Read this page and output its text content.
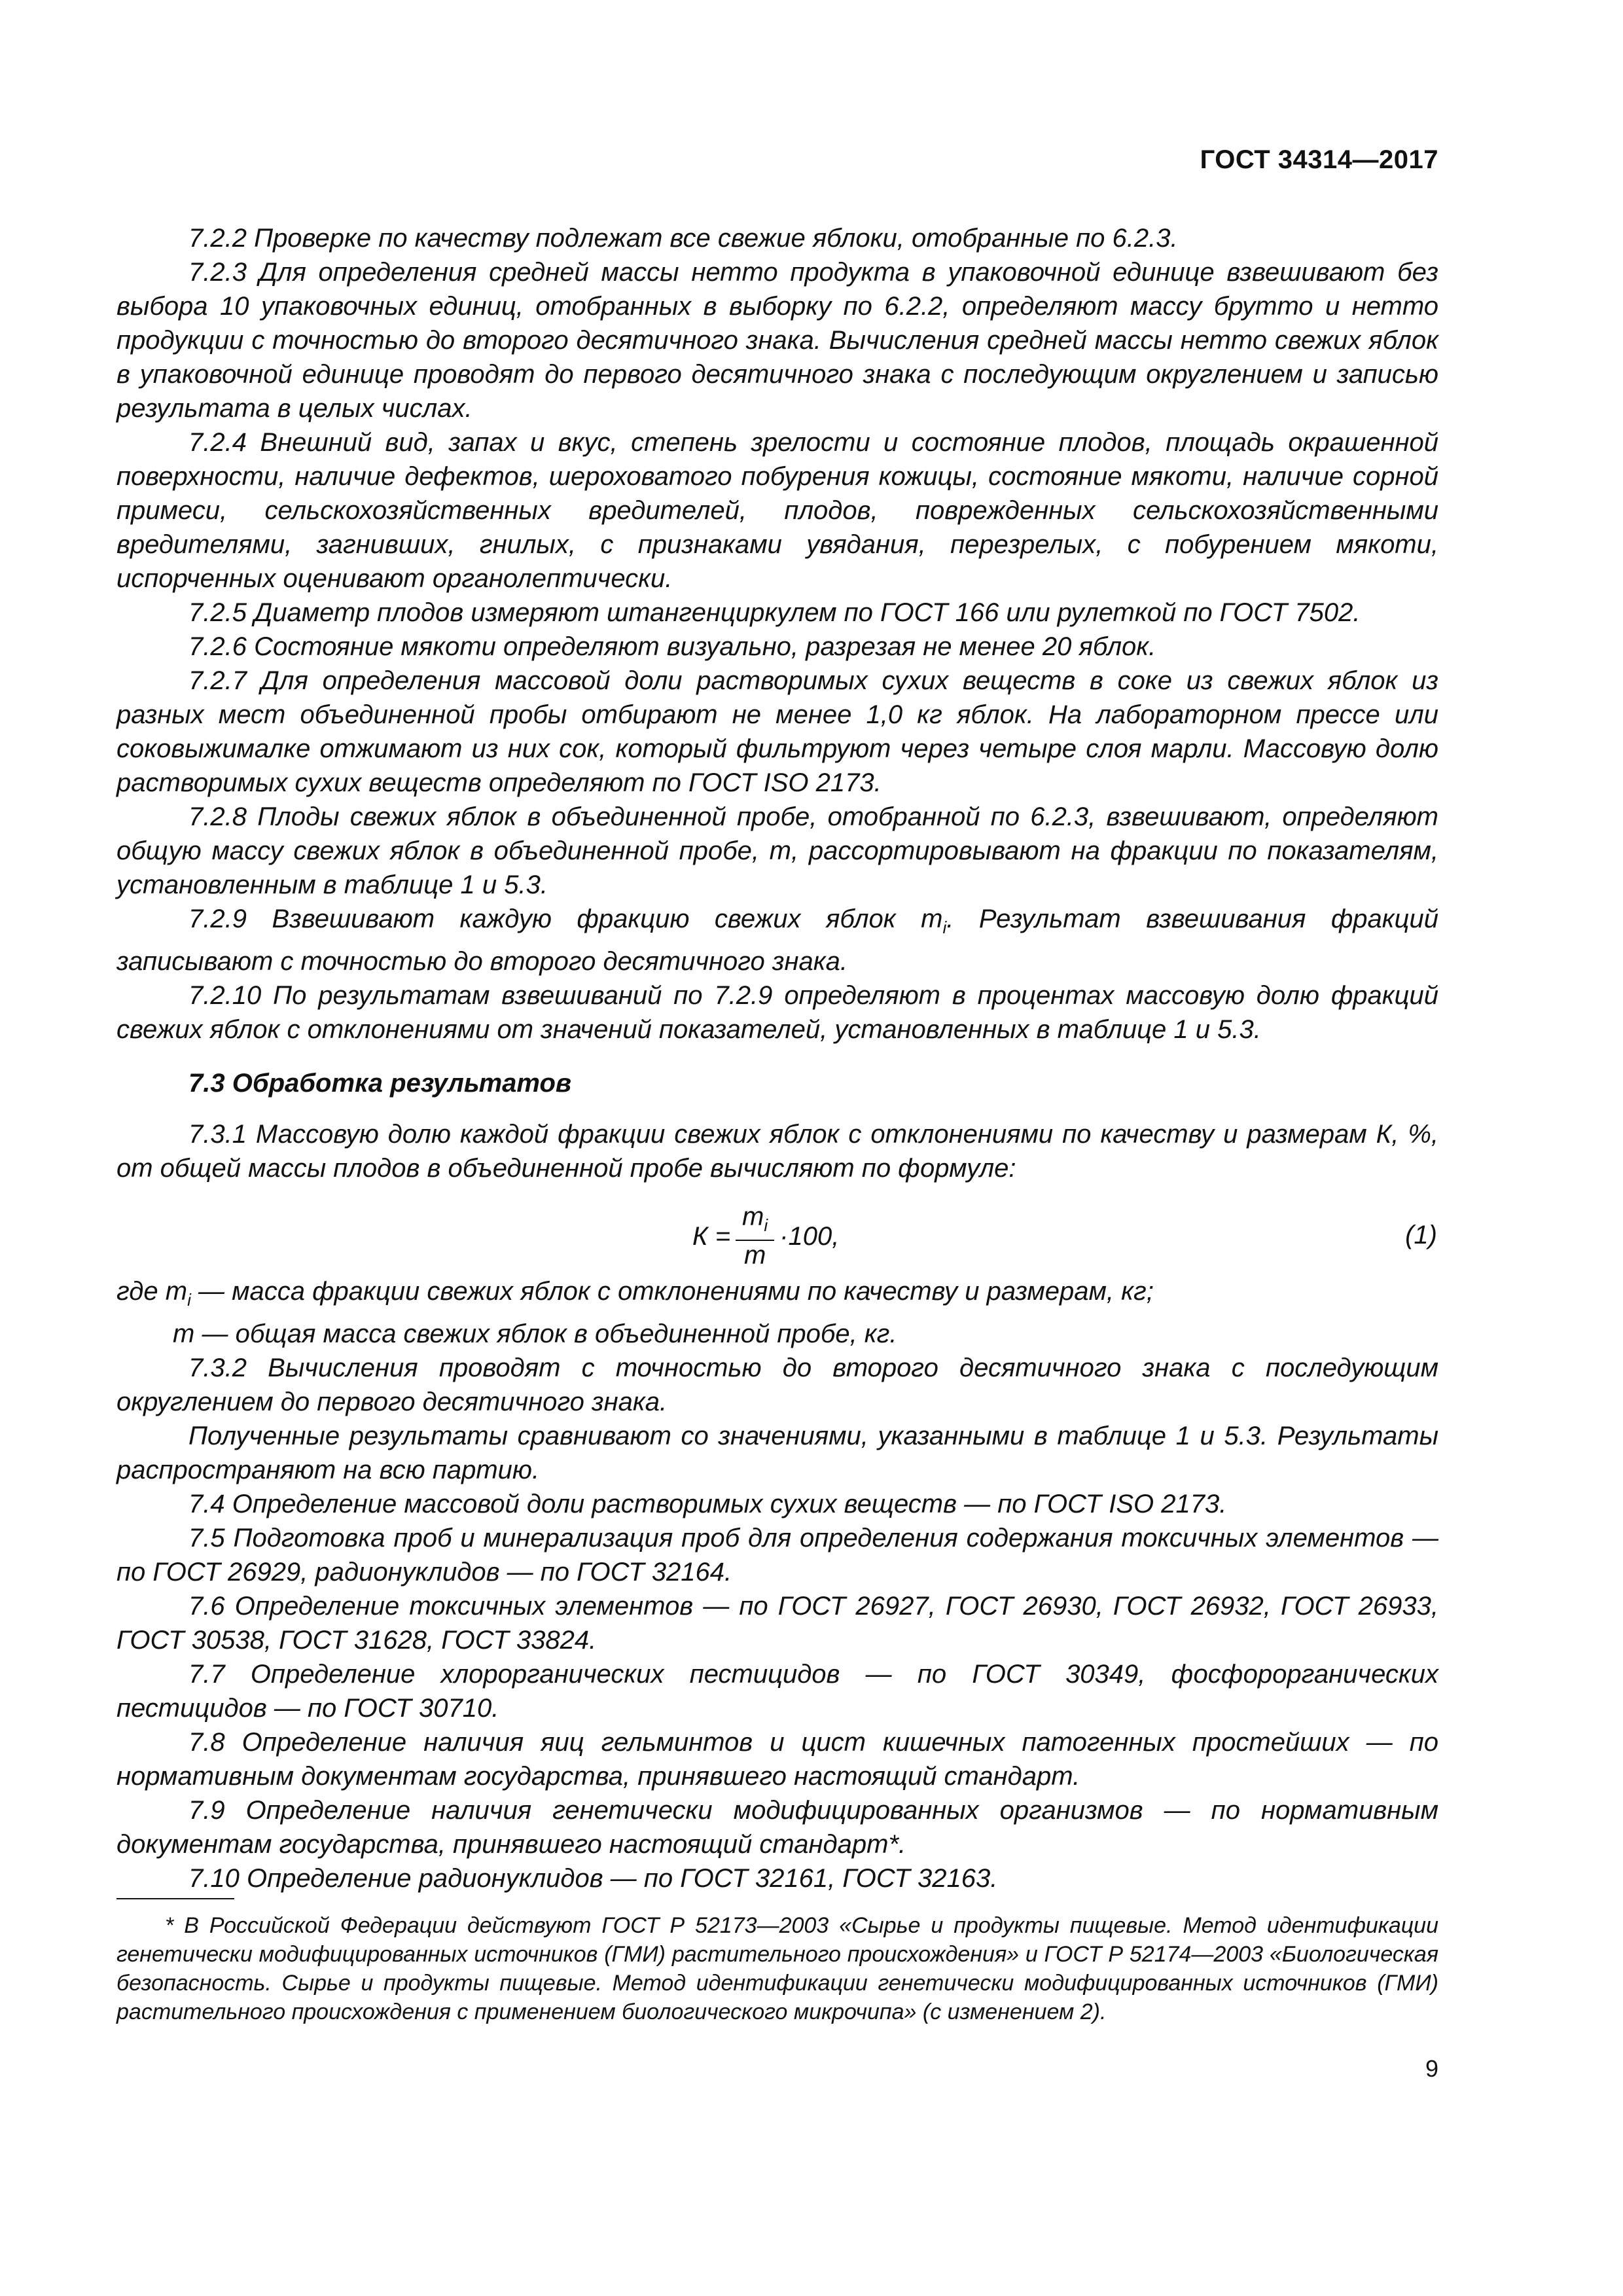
ГОСТ 34314—2017

7.2.2 Проверке по качеству подлежат все свежие яблоки, отобранные по 6.2.3.

7.2.3 Для определения средней массы нетто продукта в упаковочной единице взвешивают без выбора 10 упаковочных единиц, отобранных в выборку по 6.2.2, определяют массу брутто и нетто продукции с точностью до второго десятичного знака. Вычисления средней массы нетто свежих яблок в упаковочной единице проводят до первого десятичного знака с последующим округлением и записью результата в целых числах.

7.2.4 Внешний вид, запах и вкус, степень зрелости и состояние плодов, площадь окрашенной поверхности, наличие дефектов, шероховатого побурения кожицы, состояние мякоти, наличие сорной примеси, сельскохозяйственных вредителей, плодов, поврежденных сельскохозяйственными вредителями, загнивших, гнилых, с признаками увядания, перезрелых, с побурением мякоти, испорченных оценивают органолептически.

7.2.5 Диаметр плодов измеряют штангенциркулем по ГОСТ 166 или рулеткой по ГОСТ 7502.

7.2.6 Состояние мякоти определяют визуально, разрезая не менее 20 яблок.

7.2.7 Для определения массовой доли растворимых сухих веществ в соке из свежих яблок из разных мест объединенной пробы отбирают не менее 1,0 кг яблок. На лабораторном прессе или соковыжималке отжимают из них сок, который фильтруют через четыре слоя марли. Массовую долю растворимых сухих веществ определяют по ГОСТ ISO 2173.

7.2.8 Плоды свежих яблок в объединенной пробе, отобранной по 6.2.3, взвешивают, определяют общую массу свежих яблок в объединенной пробе, m, рассортировывают на фракции по показателям, установленным в таблице 1 и 5.3.

7.2.9 Взвешивают каждую фракцию свежих яблок $m_i$. Результат взвешивания фракций записывают с точностью до второго десятичного знака.

7.2.10 По результатам взвешиваний по 7.2.9 определяют в процентах массовую долю фракций свежих яблок с отклонениями от значений показателей, установленных в таблице 1 и 5.3.

7.3 Обработка результатов

7.3.1 Массовую долю каждой фракции свежих яблок с отклонениями по качеству и размерам К, %, от общей массы плодов в объединенной пробе вычисляют по формуле:

$К = \frac{m_i}{m} \cdot 100$,	(1)

где $m_i$ — масса фракции свежих яблок с отклонениями по качеству и размерам, кг;

m — общая масса свежих яблок в объединенной пробе, кг.

7.3.2 Вычисления проводят с точностью до второго десятичного знака с последующим округлением до первого десятичного знака.

Полученные результаты сравнивают со значениями, указанными в таблице 1 и 5.3. Результаты распространяют на всю партию.

7.4 Определение массовой доли растворимых сухих веществ — по ГОСТ ISO 2173.

7.5 Подготовка проб и минерализация проб для определения содержания токсичных элементов — по ГОСТ 26929, радионуклидов — по ГОСТ 32164.

7.6 Определение токсичных элементов — по ГОСТ 26927, ГОСТ 26930, ГОСТ 26932, ГОСТ 26933, ГОСТ 30538, ГОСТ 31628, ГОСТ 33824.

7.7 Определение хлорорганических пестицидов — по ГОСТ 30349, фосфорорганических пестицидов — по ГОСТ 30710.

7.8 Определение наличия яиц гельминтов и цист кишечных патогенных простейших — по нормативным документам государства, принявшего настоящий стандарт.

7.9 Определение наличия генетически модифицированных организмов — по нормативным документам государства, принявшего настоящий стандарт*.

7.10 Определение радионуклидов — по ГОСТ 32161, ГОСТ 32163.

* В Российской Федерации действуют ГОСТ Р 52173—2003 «Сырье и продукты пищевые. Метод идентификации генетически модифицированных источников (ГМИ) растительного происхождения» и ГОСТ Р 52174—2003 «Биологическая безопасность. Сырье и продукты пищевые. Метод идентификации генетически модифицированных источников (ГМИ) растительного происхождения с применением биологического микрочипа» (с изменением 2).
9
